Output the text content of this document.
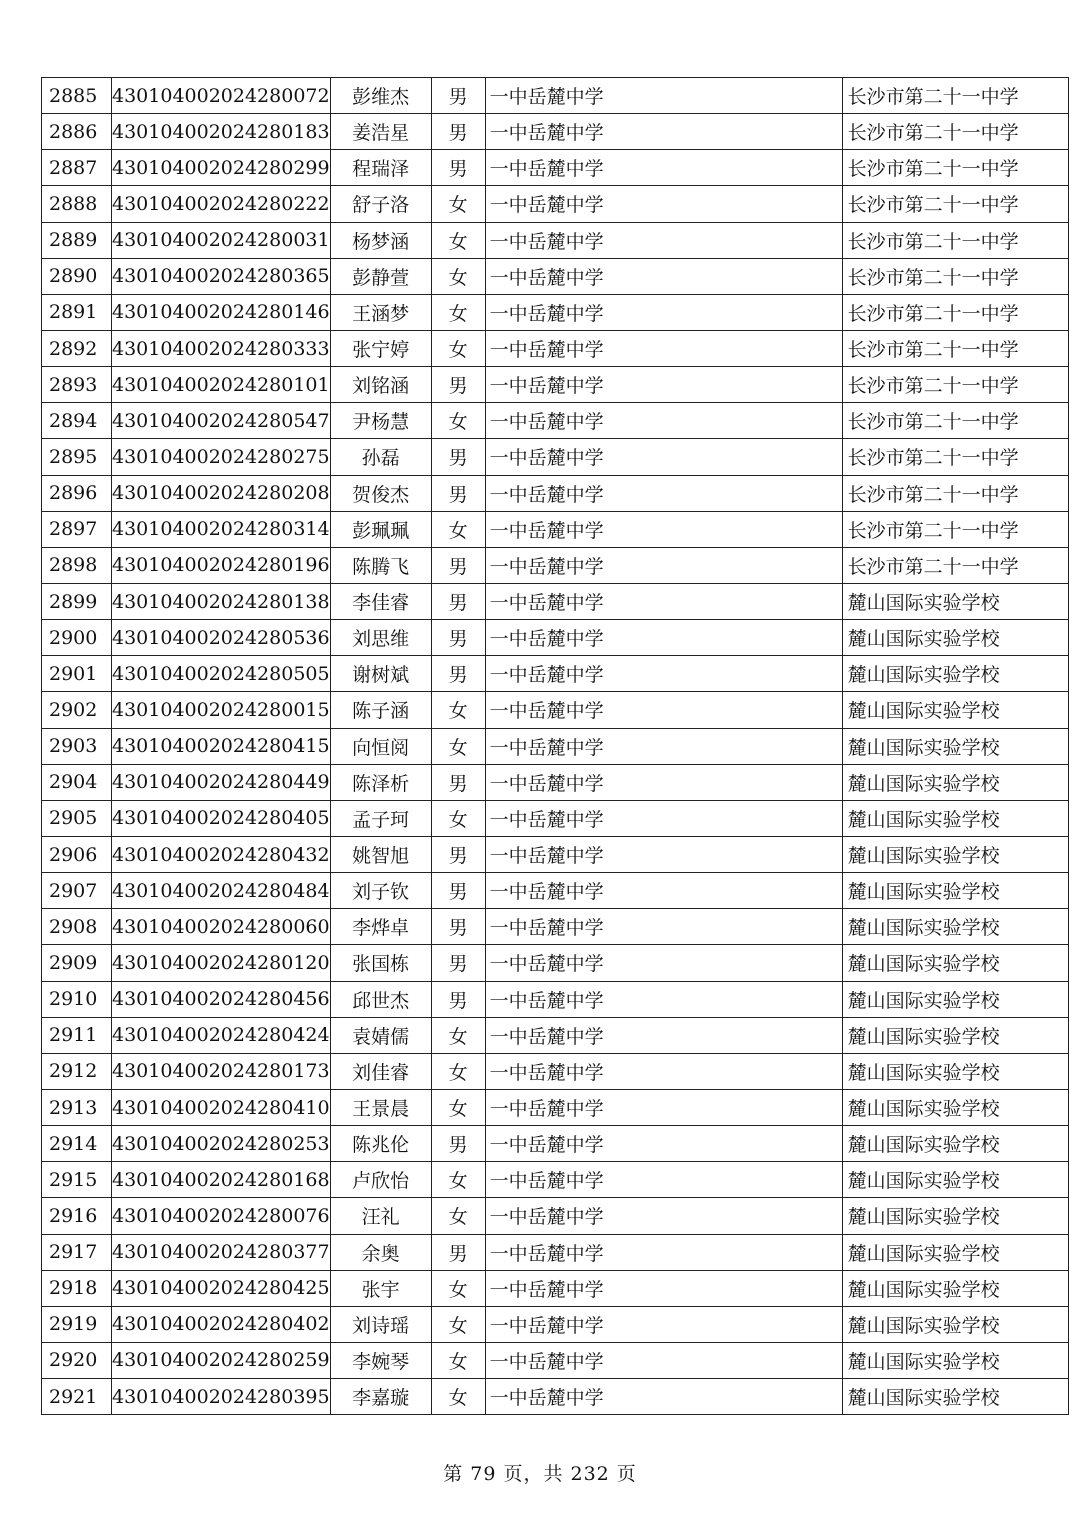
2885	430104002024280072	彭维杰	男	一中岳麓中学	长沙市第二十一中学
2886	430104002024280183	姜浩星	男	一中岳麓中学	长沙市第二十一中学
2887	430104002024280299	程瑞泽	男	一中岳麓中学	长沙市第二十一中学
2888	430104002024280222	舒子洛	女	一中岳麓中学	长沙市第二十一中学
2889	430104002024280031	杨梦涵	女	一中岳麓中学	长沙市第二十一中学
2890	430104002024280365	彭静萱	女	一中岳麓中学	长沙市第二十一中学
2891	430104002024280146	王涵梦	女	一中岳麓中学	长沙市第二十一中学
2892	430104002024280333	张宁婷	女	一中岳麓中学	长沙市第二十一中学
2893	430104002024280101	刘铭涵	男	一中岳麓中学	长沙市第二十一中学
2894	430104002024280547	尹杨慧	女	一中岳麓中学	长沙市第二十一中学
2895	430104002024280275	孙磊	男	一中岳麓中学	长沙市第二十一中学
2896	430104002024280208	贺俊杰	男	一中岳麓中学	长沙市第二十一中学
2897	430104002024280314	彭珮珮	女	一中岳麓中学	长沙市第二十一中学
2898	430104002024280196	陈腾飞	男	一中岳麓中学	长沙市第二十一中学
2899	430104002024280138	李佳睿	男	一中岳麓中学	麓山国际实验学校
2900	430104002024280536	刘思维	男	一中岳麓中学	麓山国际实验学校
2901	430104002024280505	谢树斌	男	一中岳麓中学	麓山国际实验学校
2902	430104002024280015	陈子涵	女	一中岳麓中学	麓山国际实验学校
2903	430104002024280415	向恒阅	女	一中岳麓中学	麓山国际实验学校
2904	430104002024280449	陈泽析	男	一中岳麓中学	麓山国际实验学校
2905	430104002024280405	孟子珂	女	一中岳麓中学	麓山国际实验学校
2906	430104002024280432	姚智旭	男	一中岳麓中学	麓山国际实验学校
2907	430104002024280484	刘子钦	男	一中岳麓中学	麓山国际实验学校
2908	430104002024280060	李烨卓	男	一中岳麓中学	麓山国际实验学校
2909	430104002024280120	张国栋	男	一中岳麓中学	麓山国际实验学校
2910	430104002024280456	邱世杰	男	一中岳麓中学	麓山国际实验学校
2911	430104002024280424	袁婧儒	女	一中岳麓中学	麓山国际实验学校
2912	430104002024280173	刘佳睿	女	一中岳麓中学	麓山国际实验学校
2913	430104002024280410	王景晨	女	一中岳麓中学	麓山国际实验学校
2914	430104002024280253	陈兆伦	男	一中岳麓中学	麓山国际实验学校
2915	430104002024280168	卢欣怡	女	一中岳麓中学	麓山国际实验学校
2916	430104002024280076	汪礼	女	一中岳麓中学	麓山国际实验学校
2917	430104002024280377	余奥	男	一中岳麓中学	麓山国际实验学校
2918	430104002024280425	张宇	女	一中岳麓中学	麓山国际实验学校
2919	430104002024280402	刘诗瑶	女	一中岳麓中学	麓山国际实验学校
2920	430104002024280259	李婉琴	女	一中岳麓中学	麓山国际实验学校
2921	430104002024280395	李嘉璇	女	一中岳麓中学	麓山国际实验学校
第 79 页，共 232 页
